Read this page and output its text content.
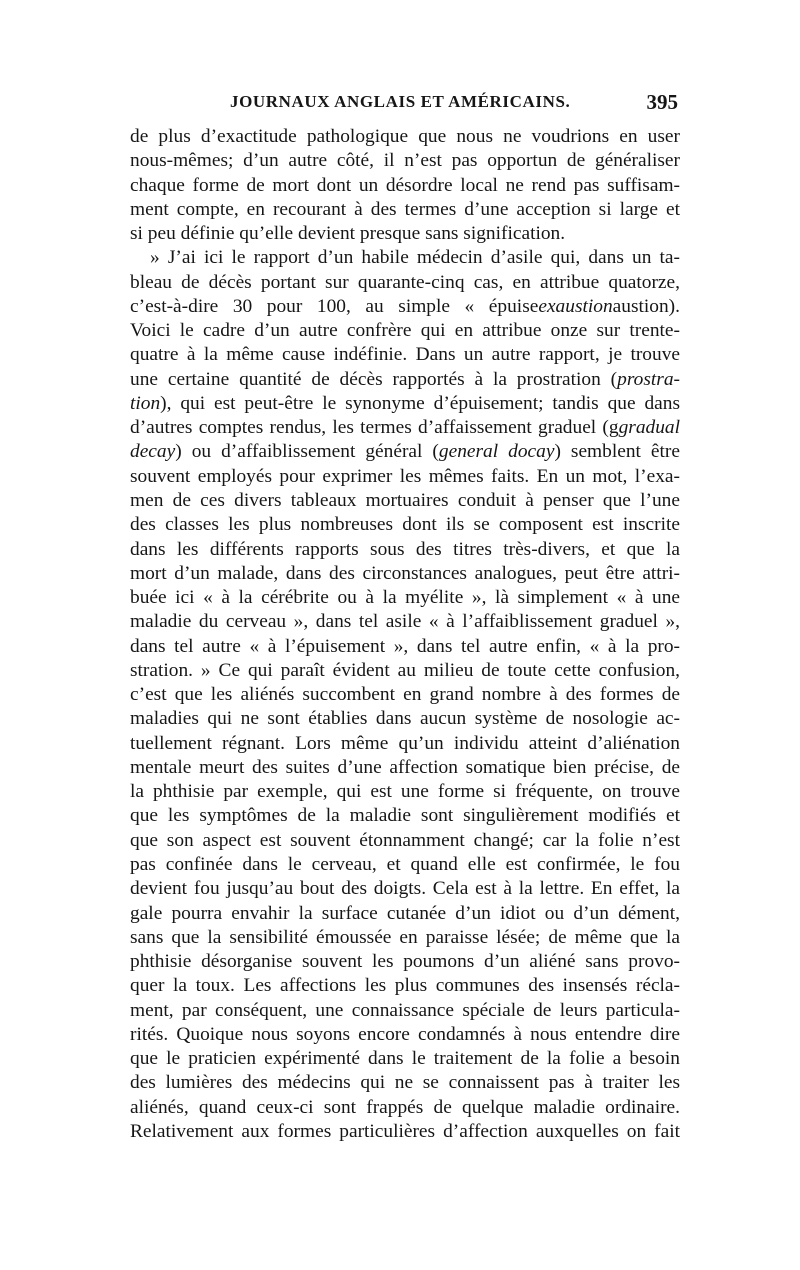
JOURNAUX ANGLAIS ET AMÉRICAINS.	395
de plus d’exactitude pathologique que nous ne voudrions en user
nous-mêmes; d’un autre côté, il n’est pas opportun de généraliser
chaque forme de mort dont un désordre local ne rend pas suffisam-
ment compte, en recourant à des termes d’une acception si large et
si peu définie qu’elle devient presque sans signification.
» J’ai ici le rapport d’un habile médecin d’asile qui, dans un ta-
bleau de décès portant sur quarante-cinq cas, en attribue quatorze,
c’est-à-dire 30 pour 100, au simple « épuiseexaustionaustion).
Voici le cadre d’un autre confrère qui en attribue onze sur trente-
quatre à la même cause indéfinie. Dans un autre rapport, je trouve
une certaine quantité de décès rapportés à la prostration (prostra-
tion), qui est peut-être le synonyme d’épuisement; tandis que dans
d’autres comptes rendus, les termes d’affaissement graduel (ggradual
decay) ou d’affaiblissement général (general docay) semblent être
souvent employés pour exprimer les mêmes faits. En un mot, l’exa-
men de ces divers tableaux mortuaires conduit à penser que l’une
des classes les plus nombreuses dont ils se composent est inscrite
dans les différents rapports sous des titres très-divers, et que la
mort d’un malade, dans des circonstances analogues, peut être attri-
buée ici « à la cérébrite ou à la myélite », là simplement « à une
maladie du cerveau », dans tel asile « à l’affaiblissement graduel »,
dans tel autre « à l’épuisement », dans tel autre enfin, « à la pro-
stration. » Ce qui paraît évident au milieu de toute cette confusion,
c’est que les aliénés succombent en grand nombre à des formes de
maladies qui ne sont établies dans aucun système de nosologie ac-
tuellement régnant. Lors même qu’un individu atteint d’aliénation
mentale meurt des suites d’une affection somatique bien précise, de
la phthisie par exemple, qui est une forme si fréquente, on trouve
que les symptômes de la maladie sont singulièrement modifiés et
que son aspect est souvent étonnamment changé; car la folie n’est
pas confinée dans le cerveau, et quand elle est confirmée, le fou
devient fou jusqu’au bout des doigts. Cela est à la lettre. En effet, la
gale pourra envahir la surface cutanée d’un idiot ou d’un dément,
sans que la sensibilité émoussée en paraisse lésée; de même que la
phthisie désorganise souvent les poumons d’un aliéné sans provo-
quer la toux. Les affections les plus communes des insensés récla-
ment, par conséquent, une connaissance spéciale de leurs particula-
rités. Quoique nous soyons encore condamnés à nous entendre dire
que le praticien expérimenté dans le traitement de la folie a besoin
des lumières des médecins qui ne se connaissent pas à traiter les
aliénés, quand ceux-ci sont frappés de quelque maladie ordinaire.
Relativement aux formes particulières d’affection auxquelles on fait
